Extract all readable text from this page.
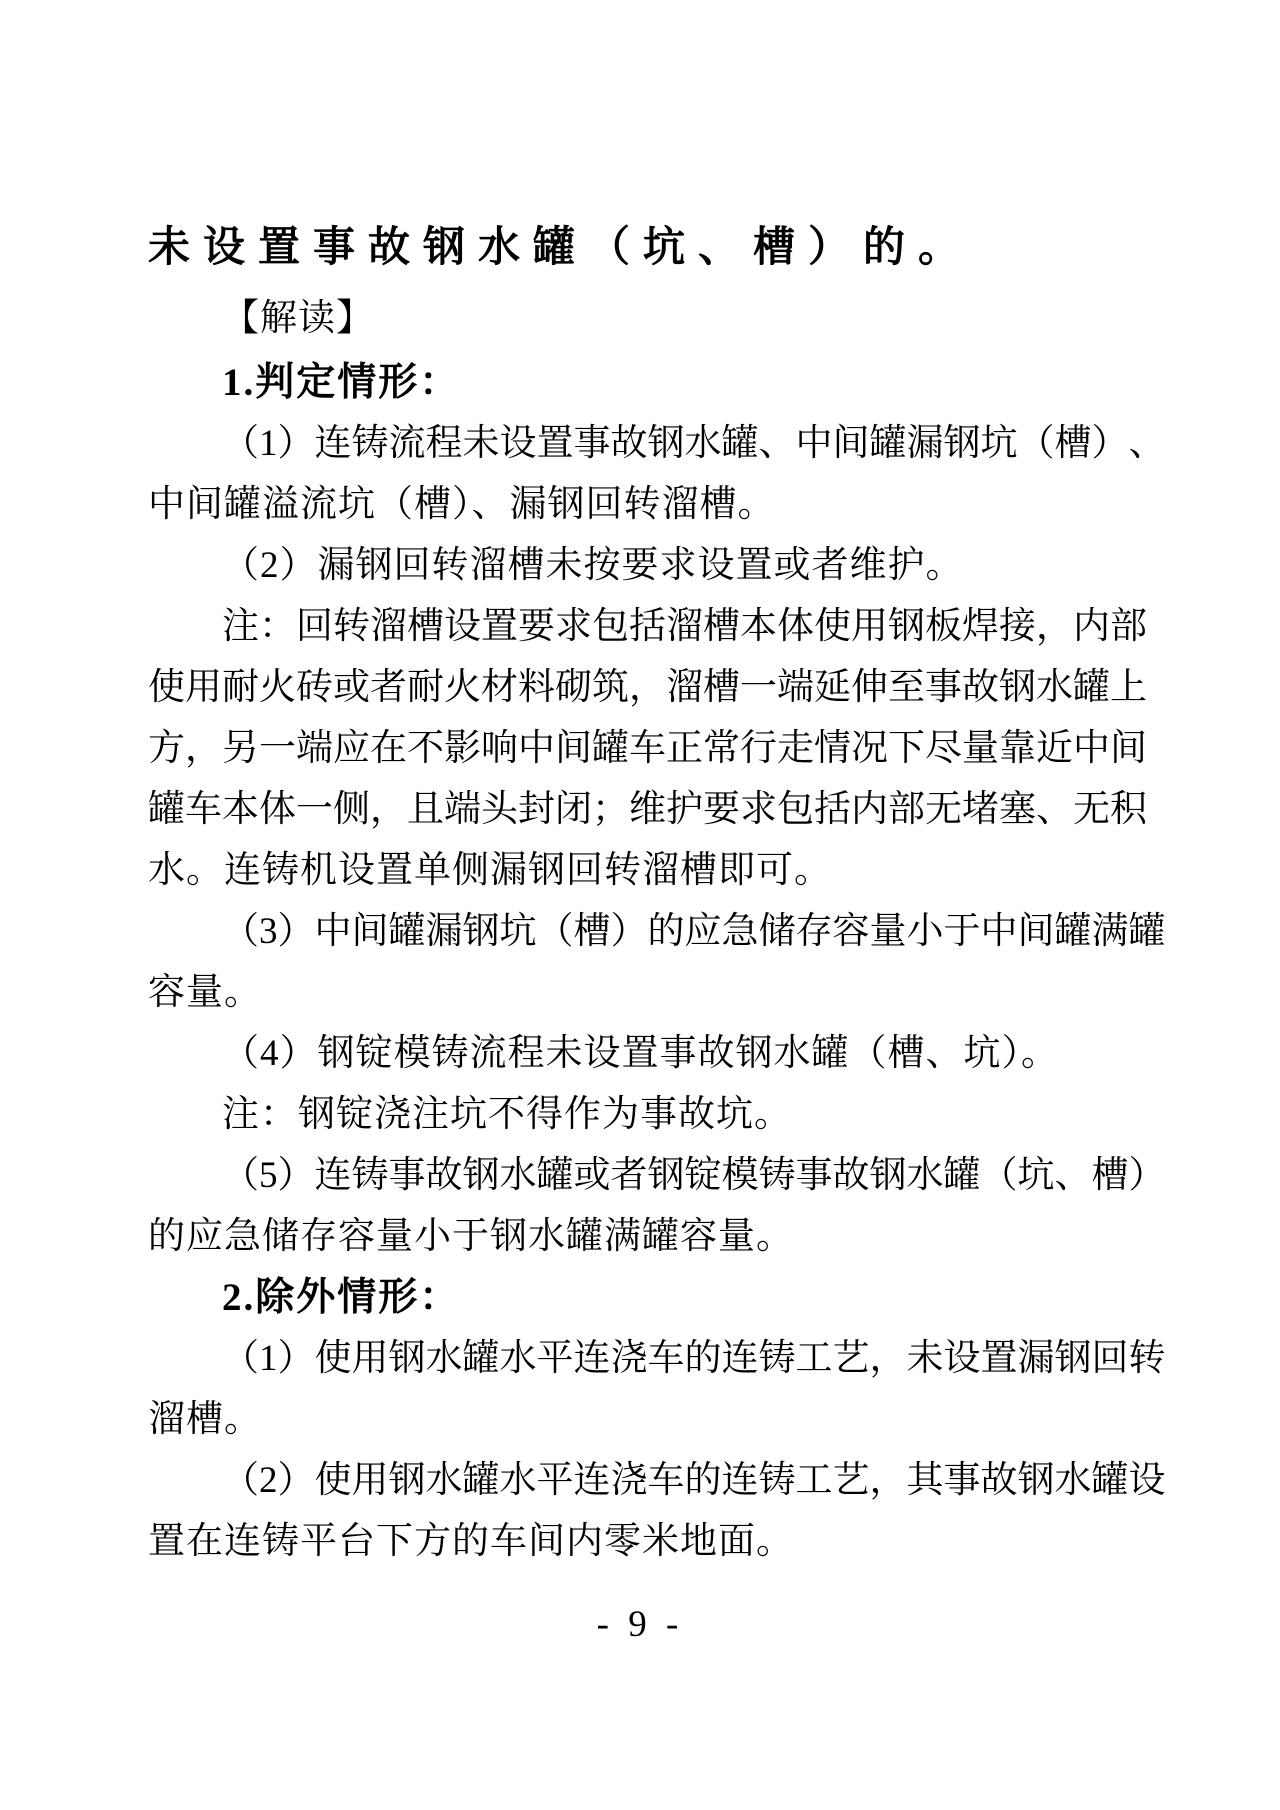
未设置事故钢水罐（坑、槽）的。
【解读】
1.判定情形：
（ 1 ） 连 铸 流 程 未 设 置 事 故 钢 水 罐 、 中 间 罐 漏 钢 坑 （ 槽 ） 、
中间罐溢流坑（槽）、漏钢回转溜槽。
（2）漏钢回转溜槽未按要求设置或者维护。
注 ： 回 转 溜 槽 设 置 要 求 包 括 溜 槽 本 体 使 用 钢 板 焊 接 ， 内 部
使 用 耐 火 砖 或 者 耐 火 材 料 砌 筑 ， 溜 槽 一 端 延 伸 至 事 故 钢 水 罐 上
方 ， 另 一 端 应 在 不 影 响 中 间 罐 车 正 常 行 走 情 况 下 尽 量 靠 近 中 间
罐 车 本 体 一 侧 ， 且 端 头 封 闭 ； 维 护 要 求 包 括 内 部 无 堵 塞 、 无 积
水。连铸机设置单侧漏钢回转溜槽即可。
（ 3 ） 中 间 罐 漏 钢 坑 （ 槽 ） 的 应 急 储 存 容 量 小 于 中 间 罐 满 罐
容量。
（4）钢锭模铸流程未设置事故钢水罐（槽、坑）。
注：钢锭浇注坑不得作为事故坑。
（ 5 ） 连 铸 事 故 钢 水 罐 或 者 钢 锭 模 铸 事 故 钢 水 罐 （ 坑 、 槽 ）
的应急储存容量小于钢水罐满罐容量。
2.除外情形：
（ 1 ） 使 用 钢 水 罐 水 平 连 浇 车 的 连 铸 工 艺 ， 未 设 置 漏 钢 回 转
溜槽。
（ 2 ） 使 用 钢 水 罐 水 平 连 浇 车 的 连 铸 工 艺 ， 其 事 故 钢 水 罐 设
置在连铸平台下方的车间内零米地面。
- 9 -
